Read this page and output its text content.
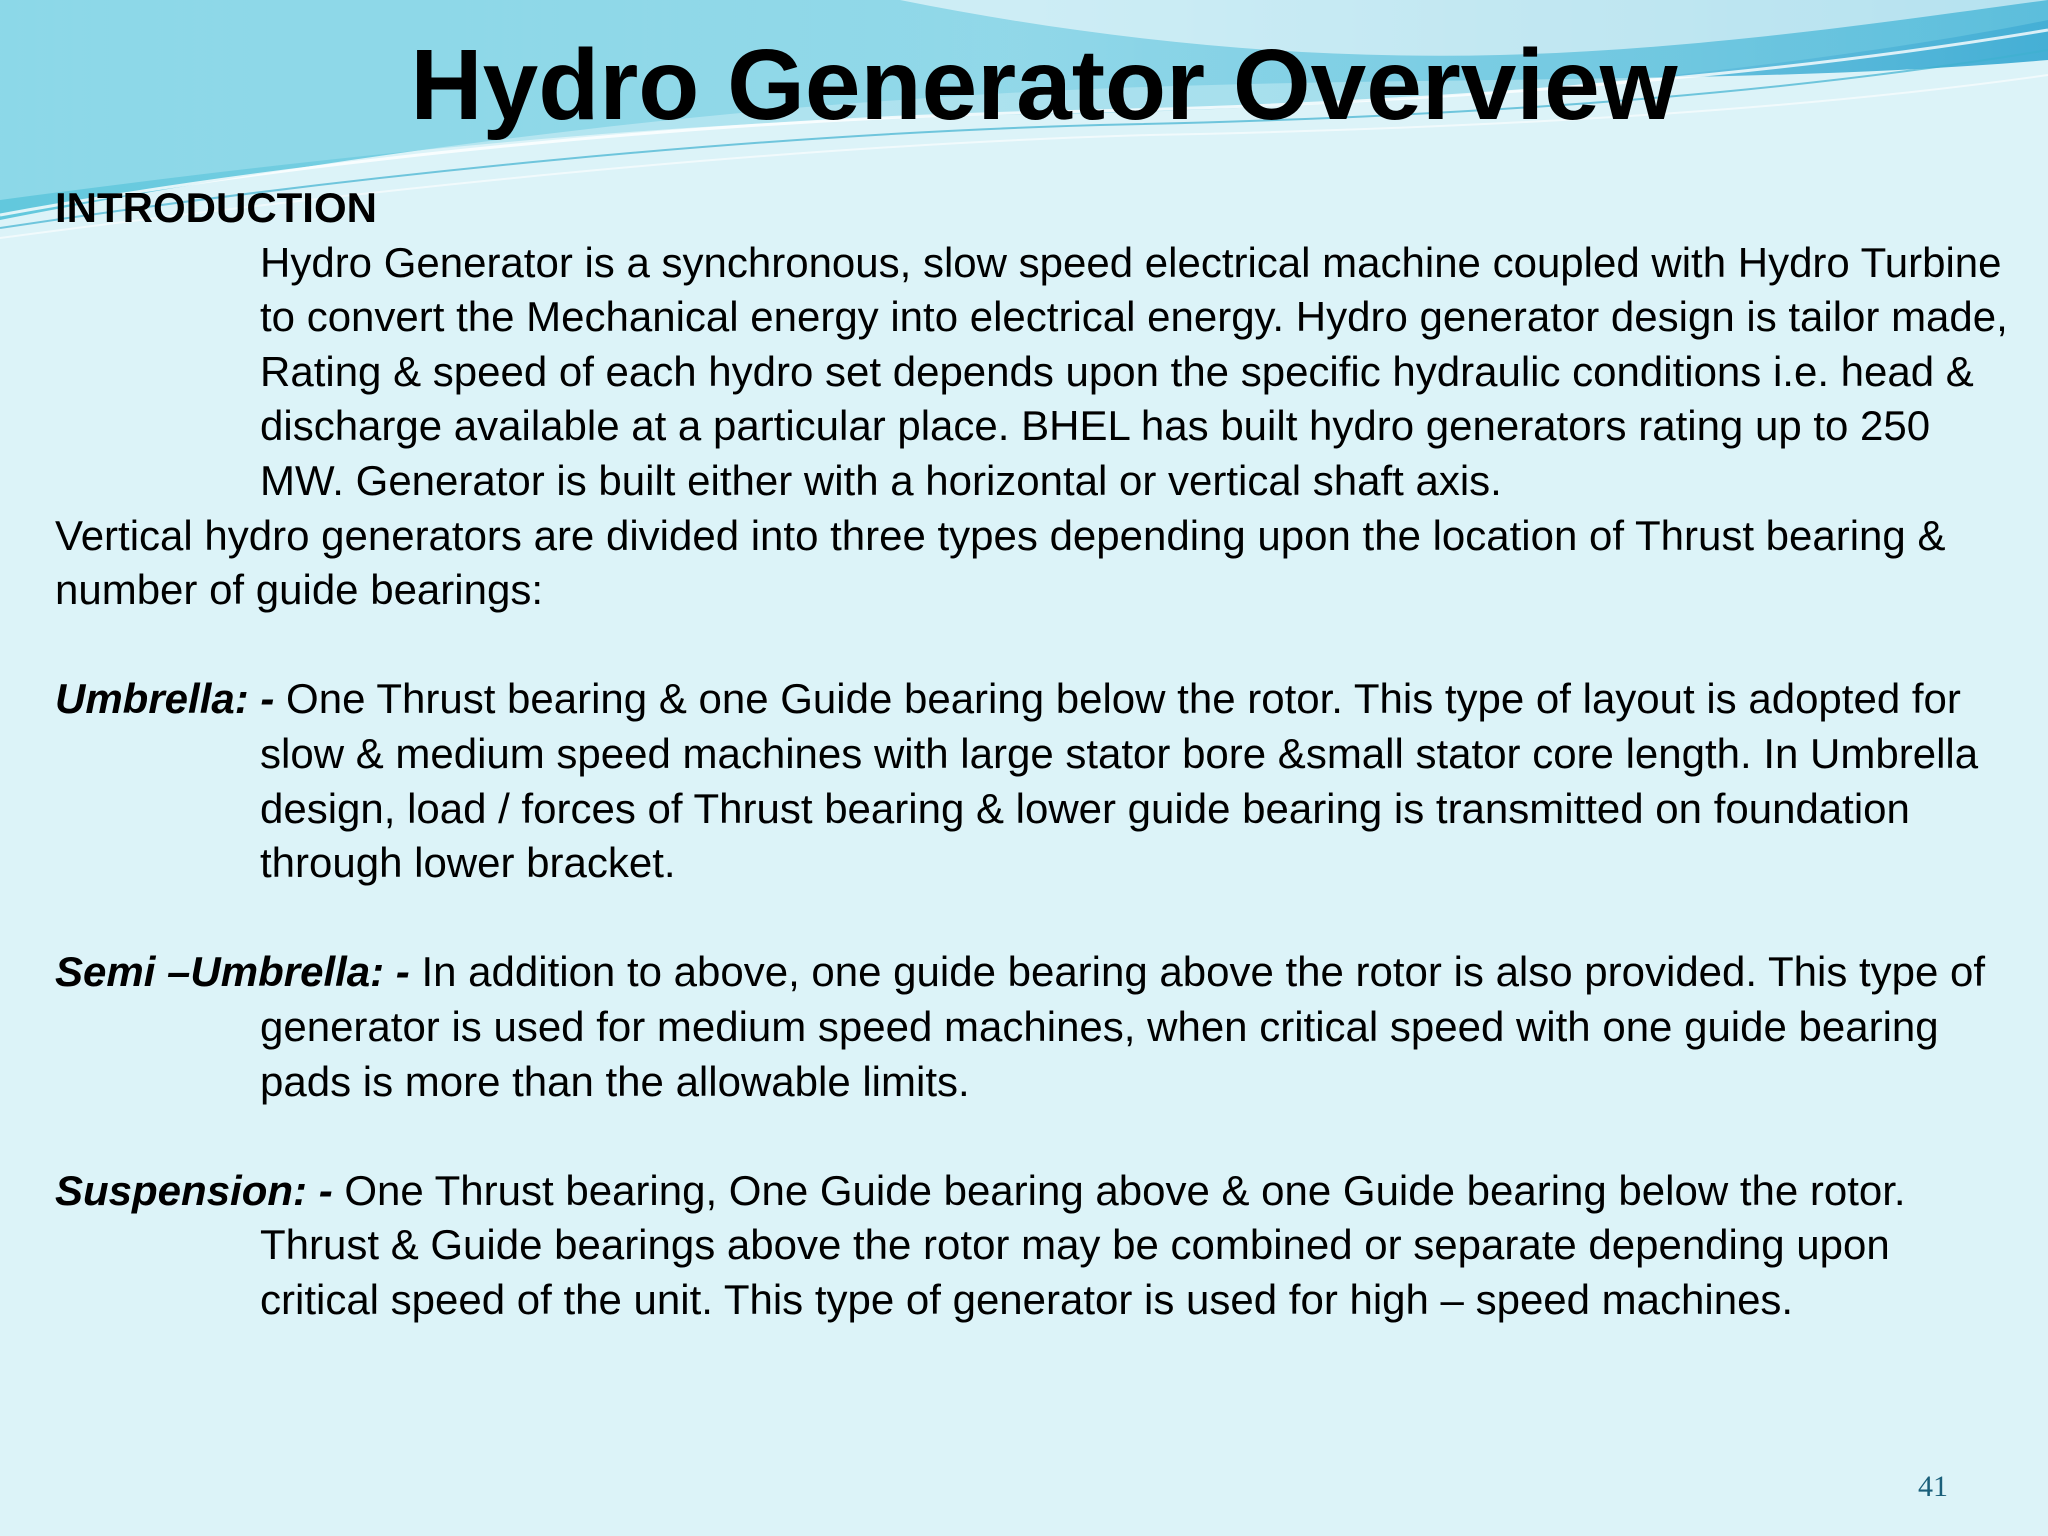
Hydro Generator Overview
INTRODUCTION

Hydro Generator is a synchronous, slow speed electrical machine coupled with Hydro Turbine to convert the Mechanical energy into electrical energy. Hydro generator design is tailor made, Rating & speed of each hydro set depends upon the specific hydraulic conditions i.e. head & discharge available at a particular place. BHEL has built hydro generators rating up to 250 MW. Generator is built either with a horizontal or vertical shaft axis.

Vertical hydro generators are divided into three types depending upon the location of Thrust bearing & number of guide bearings:

Umbrella: - One Thrust bearing & one Guide bearing below the rotor. This type of layout is adopted for slow & medium speed machines with large stator bore &small stator core length. In Umbrella design, load / forces of Thrust bearing & lower guide bearing is transmitted on foundation through lower bracket.

Semi –Umbrella: - In addition to above, one guide bearing above the rotor is also provided. This type of generator is used for medium speed machines, when critical speed with one guide bearing pads is more than the allowable limits.

Suspension: - One Thrust bearing, One Guide bearing above & one Guide bearing below the rotor. Thrust & Guide bearings above the rotor may be combined or separate depending upon critical speed of the unit. This type of generator is used for high – speed machines.

41
